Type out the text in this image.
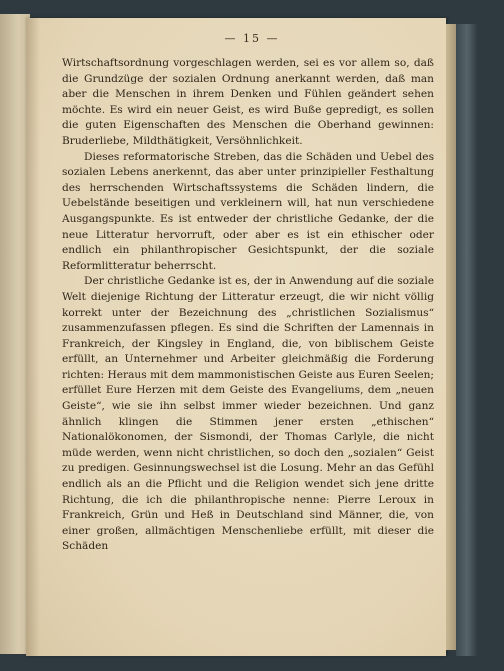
— 15 —

Wirtschaftsordnung vorgeschlagen werden, sei es vor allem so, daß die Grundzüge der sozialen Ordnung anerkannt werden, daß man aber die Menschen in ihrem Denken und Fühlen geändert sehen möchte. Es wird ein neuer Geist, es wird Buße gepredigt, es sollen die guten Eigenschaften des Menschen die Oberhand gewinnen: Bruderliebe, Mildthätigkeit, Versöhnlichkeit.

Dieses reformatorische Streben, das die Schäden und Uebel des sozialen Lebens anerkennt, das aber unter prinzipieller Festhaltung des herrschenden Wirtschaftssystems die Schäden lindern, die Uebelstände beseitigen und verkleinern will, hat nun verschiedene Ausgangspunkte. Es ist entweder der christliche Gedanke, der die neue Litteratur hervorruft, oder aber es ist ein ethischer oder endlich ein philanthropischer Gesichtspunkt, der die soziale Reformlitteratur beherrscht.

Der christliche Gedanke ist es, der in Anwendung auf die soziale Welt diejenige Richtung der Litteratur erzeugt, die wir nicht völlig korrekt unter der Bezeichnung des „christlichen Sozialismus“ zusammenzufassen pflegen. Es sind die Schriften der Lamennais in Frankreich, der Kingsley in England, die, von biblischem Geiste erfüllt, an Unternehmer und Arbeiter gleichmäßig die Forderung richten: Heraus mit dem mammonistischen Geiste aus Euren Seelen; erfüllet Eure Herzen mit dem Geiste des Evangeliums, dem „neuen Geiste“, wie sie ihn selbst immer wieder bezeichnen. Und ganz ähnlich klingen die Stimmen jener ersten „ethischen“ Nationalökonomen, der Sismondi, der Thomas Carlyle, die nicht müde werden, wenn nicht christlichen, so doch den „sozialen“ Geist zu predigen. Gesinnungswechsel ist die Losung. Mehr an das Gefühl endlich als an die Pflicht und die Religion wendet sich jene dritte Richtung, die ich die philanthropische nenne: Pierre Leroux in Frankreich, Grün und Heß in Deutschland sind Männer, die, von einer großen, allmächtigen Menschenliebe erfüllt, mit dieser die Schäden
